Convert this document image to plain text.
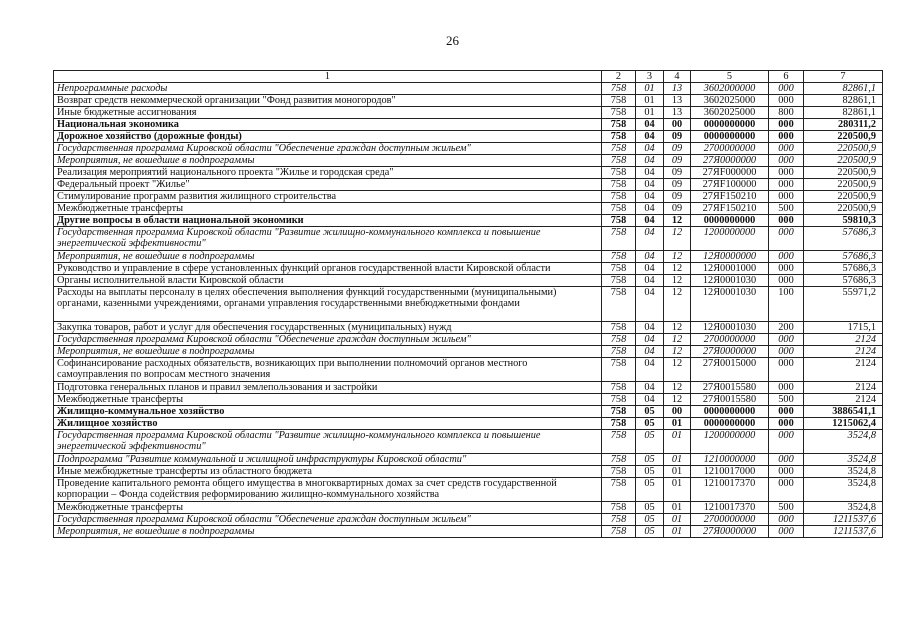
26
1	2	3	4	5	6	7
Непрограммные расходы	758	01	13	3602000000	000	82861,1
Возврат средств некоммерческой организации "Фонд развития моногородов"	758	01	13	3602025000	000	82861,1
Иные бюджетные ассигнования	758	01	13	3602025000	800	82861,1
Национальная экономика	758	04	00	0000000000	000	280311,2
Дорожное хозяйство (дорожные фонды)	758	04	09	0000000000	000	220500,9
Государственная программа Кировской области "Обеспечение граждан доступным жильем"	758	04	09	2700000000	000	220500,9
Мероприятия, не вошедшие в подпрограммы	758	04	09	27Я0000000	000	220500,9
Реализация мероприятий национального проекта "Жилье и городская среда"	758	04	09	27ЯF000000	000	220500,9
Федеральный проект "Жилье"	758	04	09	27ЯF100000	000	220500,9
Стимулирование программ развития жилищного строительства	758	04	09	27ЯF150210	000	220500,9
Межбюджетные трансферты	758	04	09	27ЯF150210	500	220500,9
Другие вопросы в области национальной экономики	758	04	12	0000000000	000	59810,3
Государственная программа Кировской области "Развитие жилищно-коммунального комплекса и повышение энергетической эффективности"	758	04	12	1200000000	000	57686,3
Мероприятия, не вошедшие в подпрограммы	758	04	12	12Я0000000	000	57686,3
Руководство и управление в сфере установленных функций органов государственной власти Кировской области	758	04	12	12Я0001000	000	57686,3
Органы исполнительной власти Кировской области	758	04	12	12Я0001030	000	57686,3
Расходы на выплаты персоналу в целях обеспечения выполнения функций государственными (муниципальными) органами, казенными учреждениями, органами управления государственными внебюджетными фондами	758	04	12	12Я0001030	100	55971,2
Закупка товаров, работ и услуг для обеспечения государственных (муниципальных) нужд	758	04	12	12Я0001030	200	1715,1
Государственная программа Кировской области "Обеспечение граждан доступным жильем"	758	04	12	2700000000	000	2124
Мероприятия, не вошедшие в подпрограммы	758	04	12	27Я0000000	000	2124
Софинансирование расходных обязательств, возникающих при выполнении полномочий органов местного самоуправления по вопросам местного значения	758	04	12	27Я0015000	000	2124
Подготовка генеральных планов и правил землепользования и застройки	758	04	12	27Я0015580	000	2124
Межбюджетные трансферты	758	04	12	27Я0015580	500	2124
Жилищно-коммунальное хозяйство	758	05	00	0000000000	000	3886541,1
Жилищное хозяйство	758	05	01	0000000000	000	1215062,4
Государственная программа Кировской области "Развитие жилищно-коммунального комплекса и повышение энергетической эффективности"	758	05	01	1200000000	000	3524,8
Подпрограмма "Развитие коммунальной и жилищной инфраструктуры Кировской области"	758	05	01	1210000000	000	3524,8
Иные межбюджетные трансферты из областного бюджета	758	05	01	1210017000	000	3524,8
Проведение капитального ремонта общего имущества в многоквартирных домах за счет средств государственной корпорации – Фонда содействия реформированию жилищно-коммунального хозяйства	758	05	01	1210017370	000	3524,8
Межбюджетные трансферты	758	05	01	1210017370	500	3524,8
Государственная программа Кировской области "Обеспечение граждан доступным жильем"	758	05	01	2700000000	000	1211537,6
Мероприятия, не вошедшие в подпрограммы	758	05	01	27Я0000000	000	1211537,6
